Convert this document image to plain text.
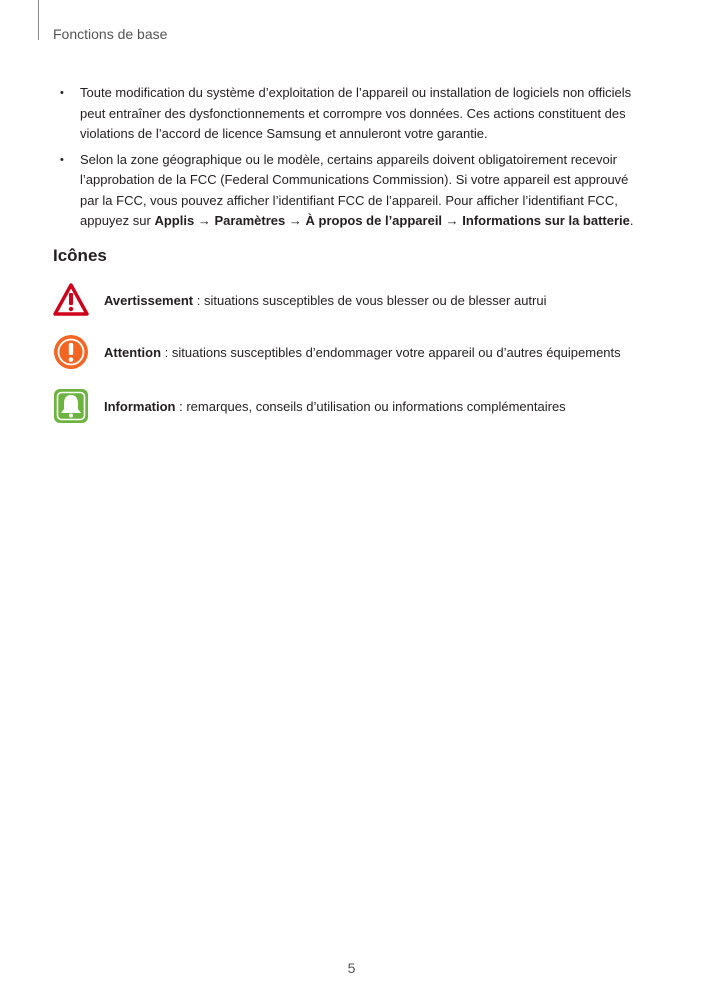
Fonctions de base

• Toute modification du système d’exploitation de l’appareil ou installation de logiciels non officiels peut entraîner des dysfonctionnements et corrompre vos données. Ces actions constituent des violations de l’accord de licence Samsung et annuleront votre garantie.
• Selon la zone géographique ou le modèle, certains appareils doivent obligatoirement recevoir l’approbation de la FCC (Federal Communications Commission). Si votre appareil est approuvé par la FCC, vous pouvez afficher l’identifiant FCC de l’appareil. Pour afficher l’identifiant FCC, appuyez sur Applis → Paramètres → À propos de l’appareil → Informations sur la batterie.
Icônes
Avertissement : situations susceptibles de vous blesser ou de blesser autrui
Attention : situations susceptibles d’endommager votre appareil ou d’autres équipements
Information : remarques, conseils d’utilisation ou informations complémentaires
5
